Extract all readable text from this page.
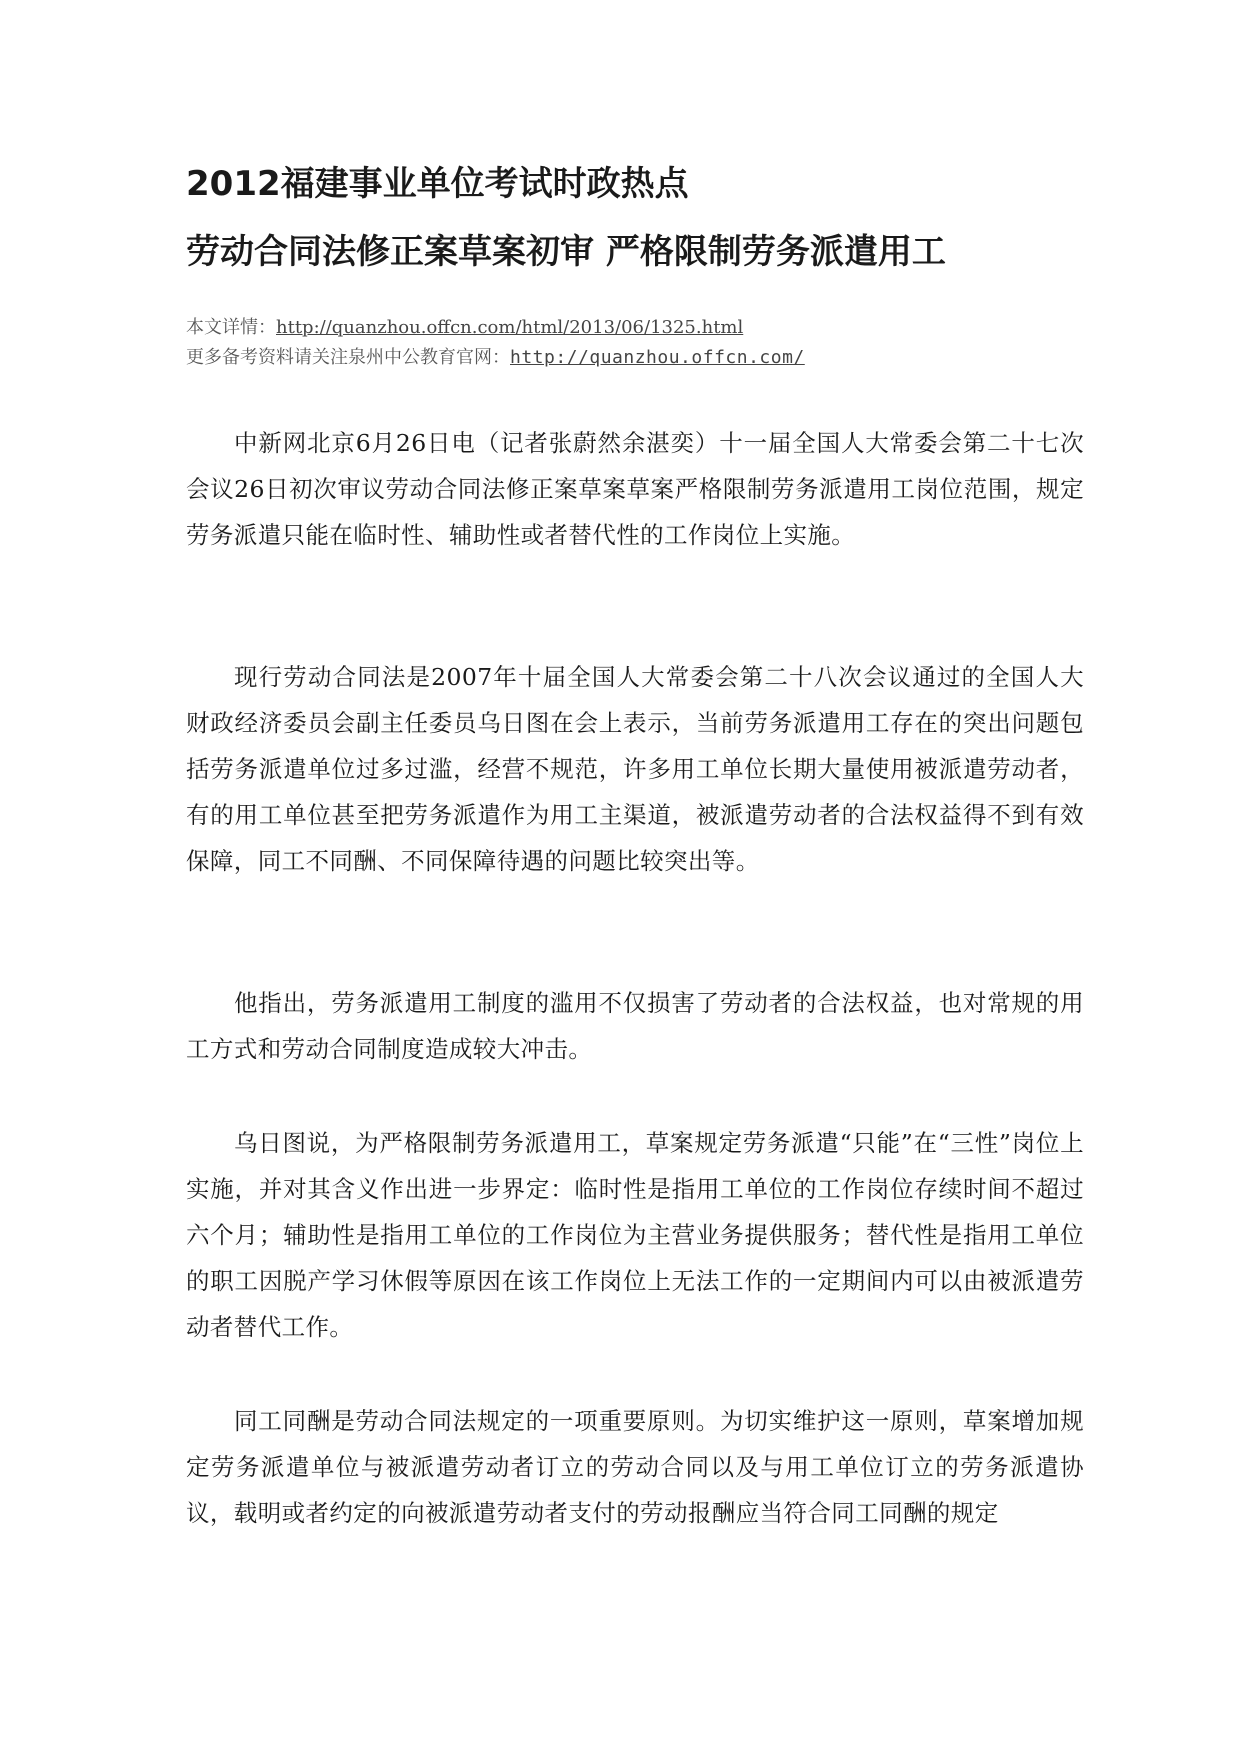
2012福建事业单位考试时政热点
劳动合同法修正案草案初审 严格限制劳务派遣用工
本文详情：http://quanzhou.offcn.com/html/2013/06/1325.html
更多备考资料请关注泉州中公教育官网：http://quanzhou.offcn.com/

中新网北京6月26日电（记者张蔚然余湛奕）十一届全国人大常委会第二十七次会议26日初次审议劳动合同法修正案草案草案严格限制劳务派遣用工岗位范围，规定劳务派遣只能在临时性、辅助性或者替代性的工作岗位上实施。

现行劳动合同法是2007年十届全国人大常委会第二十八次会议通过的全国人大财政经济委员会副主任委员乌日图在会上表示，当前劳务派遣用工存在的突出问题包括劳务派遣单位过多过滥，经营不规范，许多用工单位长期大量使用被派遣劳动者，有的用工单位甚至把劳务派遣作为用工主渠道，被派遣劳动者的合法权益得不到有效保障，同工不同酬、不同保障待遇的问题比较突出等。

他指出，劳务派遣用工制度的滥用不仅损害了劳动者的合法权益，也对常规的用工方式和劳动合同制度造成较大冲击。

乌日图说，为严格限制劳务派遣用工，草案规定劳务派遣“只能”在“三性”岗位上实施，并对其含义作出进一步界定：临时性是指用工单位的工作岗位存续时间不超过六个月；辅助性是指用工单位的工作岗位为主营业务提供服务；替代性是指用工单位的职工因脱产学习休假等原因在该工作岗位上无法工作的一定期间内可以由被派遣劳动者替代工作。

同工同酬是劳动合同法规定的一项重要原则。为切实维护这一原则，草案增加规定劳务派遣单位与被派遣劳动者订立的劳动合同以及与用工单位订立的劳务派遣协议，载明或者约定的向被派遣劳动者支付的劳动报酬应当符合同工同酬的规定
